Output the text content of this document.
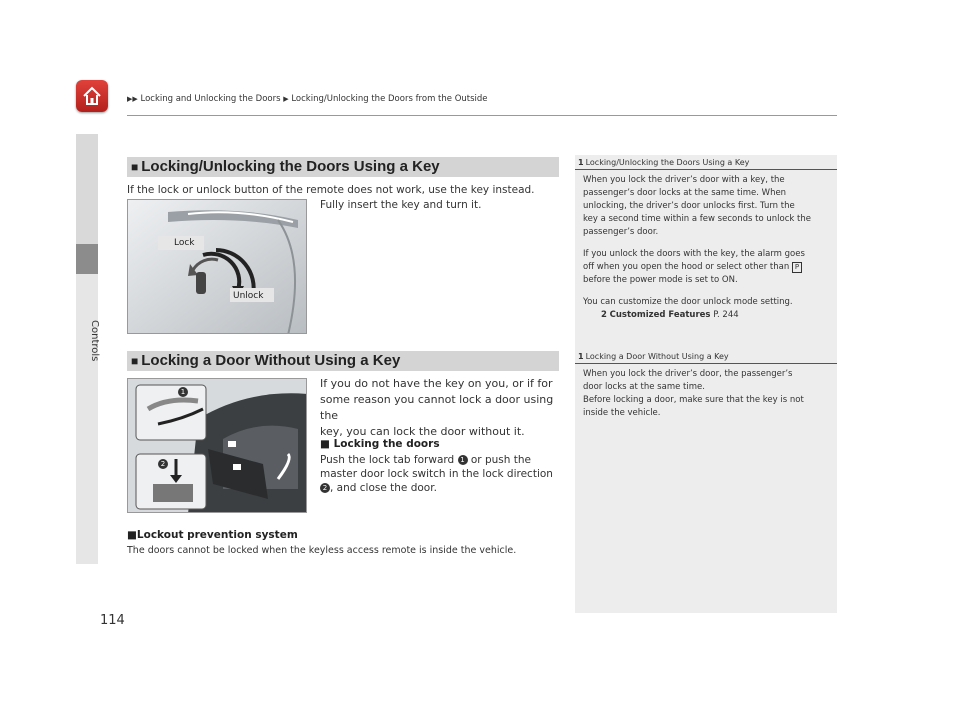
▶▶ Locking and Unlocking the Doors ▶ Locking/Unlocking the Doors from the Outside
Controls
■ Locking/Unlocking the Doors Using a Key
If the lock or unlock button of the remote does not work, use the key instead.
Fully insert the key and turn it.
Lock
Unlock
■ Locking a Door Without Using a Key
1
2
If you do not have the key on you, or if for
some reason you cannot lock a door using the
key, you can lock the door without it.
■ Locking the doors
Push the lock tab forward 1 or push the
master door lock switch in the lock direction
2 , and close the door.
■Lockout prevention system
The doors cannot be locked when the keyless access remote is inside the vehicle.
1 Locking/Unlocking the Doors Using a Key
When you lock the driver’s door with a key, the
passenger’s door locks at the same time. When
unlocking, the driver’s door unlocks first. Turn the
key a second time within a few seconds to unlock the
passenger’s door.
If you unlock the doors with the key, the alarm goes
off when you open the hood or select other than P
before the power mode is set to ON.
You can customize the door unlock mode setting.
2 Customized Features P. 244
1 Locking a Door Without Using a Key
When you lock the driver’s door, the passenger’s
door locks at the same time.
Before locking a door, make sure that the key is not
inside the vehicle.
114
